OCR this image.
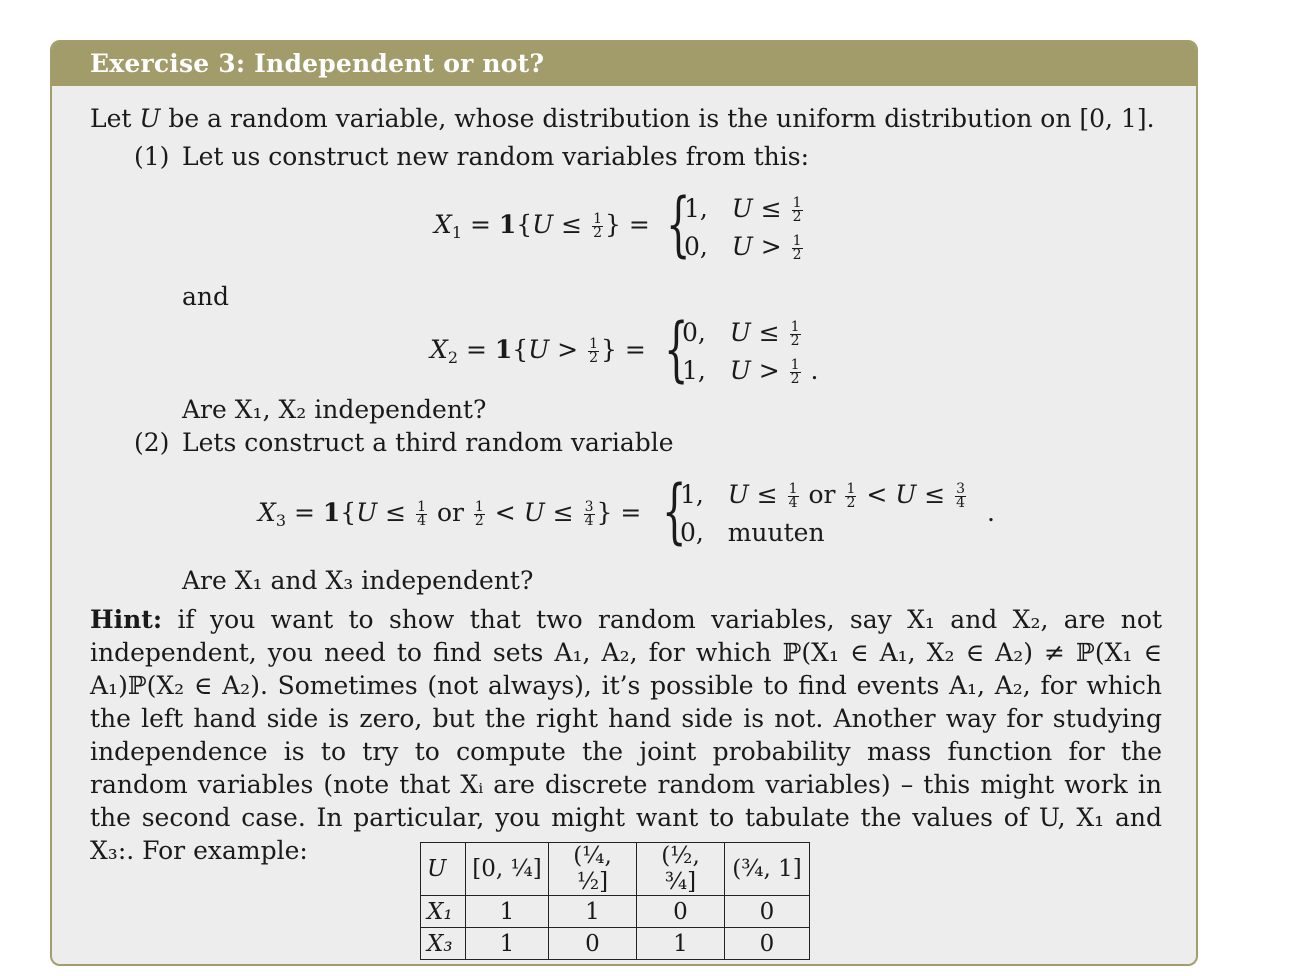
Exercise 3: Independent or not?
Let U be a random variable, whose distribution is the uniform distribution on [0, 1].
(1) Let us construct new random variables from this:
$X_1 = 1\{U \le \frac{1}{2}$ } = {
1,   $U \le \frac{1}{2}$
0,   $U > \frac{1}{2}$
and
$X_2 = 1\{U > \frac{1}{2}$ } = {
0,   $U \le \frac{1}{2}$
1,   $U > \frac{1}{2}$ .
Are X₁, X₂ independent?
(2) Lets construct a third random variable
$X_3 = 1\{U \le \frac{1}{4}$ or $\frac{1}{2} < U \le \frac{3}{4}$ } = {
1,   $U \le \frac{1}{4}$ or $\frac{1}{2} < U \le \frac{3}{4}$
0,   muuten
.
Are X₁ and X₃ independent?

Hint: if you want to show that two random variables, say X₁ and X₂, are not independent, you need to find sets A₁, A₂, for which ℙ(X₁ ∈ A₁, X₂ ∈ A₂) ≠ ℙ(X₁ ∈ A₁)ℙ(X₂ ∈ A₂). Sometimes (not always), it’s possible to find events A₁, A₂, for which the left hand side is zero, but the right hand side is not. Another way for studying independence is to try to compute the joint probability mass function for the random variables (note that Xᵢ are discrete random variables) – this might work in the second case. In particular, you might want to tabulate the values of U, X₁ and X₃:. For example:

U	[0, ¼]	(¼, ½]	(½, ¾]	(¾, 1]
X₁	1	1	0	0
X₃	1	0	1	0
